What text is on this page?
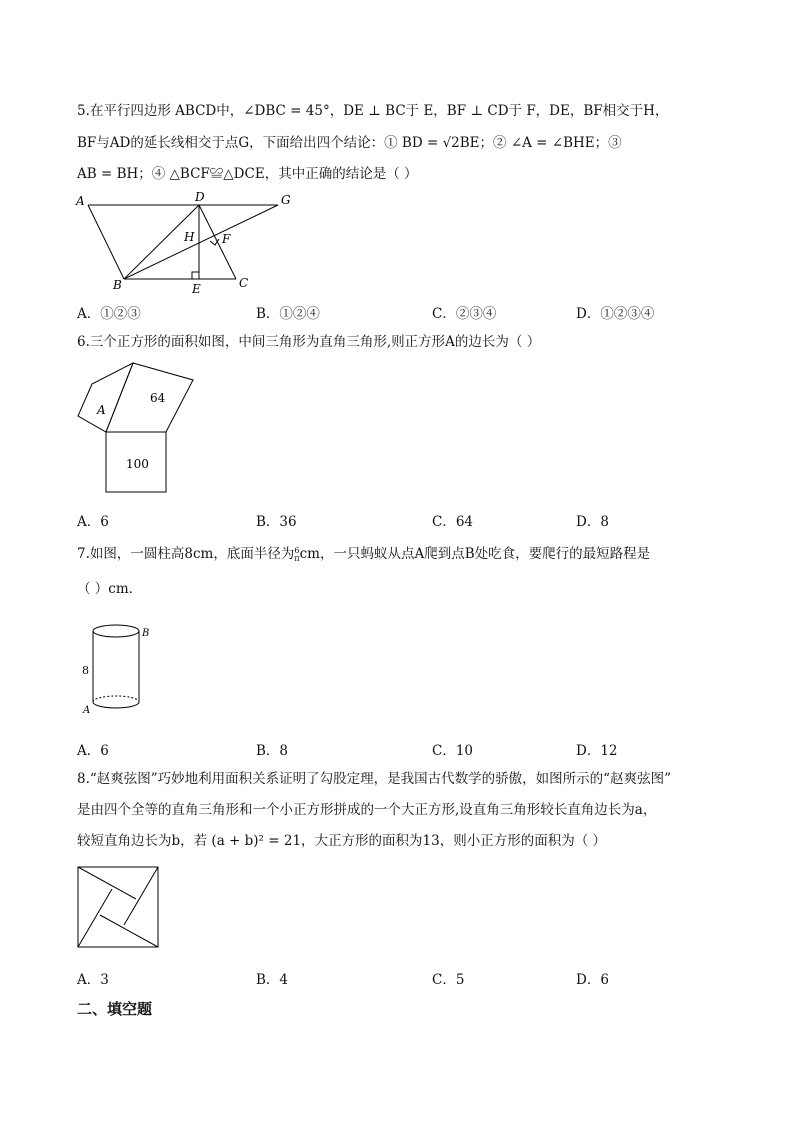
5.在平行四边形 ABCD中，∠DBC = 45°，DE ⊥ BC于 E，BF ⊥ CD于 F，DE，BF相交于H，
BF与AD的延长线相交于点G，下面给出四个结论：① BD = √2BE；② ∠A = ∠BHE；③
AB = BH；④ △BCF≌△DCE，其中正确的结论是（ ）
A	D	G
H F
B	E	C
A．①②③	B．①②④	C．②③④	D．①②③④
6.三个正方形的面积如图，中间三角形为直角三角形,则正方形A的边长为（ ）
A
64
100
A．6	B．36	C．64	D．8
7.如图，一圆柱高8cm，底面半径为 6
π cm，一只蚂蚁从点A爬到点B处吃食，要爬行的最短路程是
（ ）cm．
B
A
8
A．6	B．8	C．10	D．12
8.“赵爽弦图”巧妙地利用面积关系证明了勾股定理，是我国古代数学的骄傲，如图所示的“赵爽弦图”
是由四个全等的直角三角形和一个小正方形拼成的一个大正方形,设直角三角形较长直角边长为a，
较短直角边长为b，若 (a + b)² = 21，大正方形的面积为13，则小正方形的面积为（ ）
A．3	B．4	C．5	D．6
二、填空题
